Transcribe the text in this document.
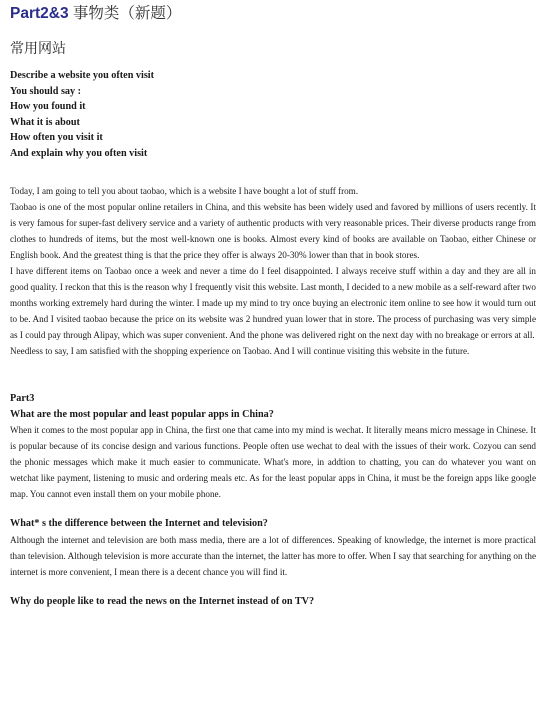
Part2&3 事物类（新题）
常用网站
Describe a website you often visit
You should say :
How you found it
What it is about
How often you visit it
And explain why you often visit

Today, I am going to tell you about taobao, which is a website I have bought a lot of stuff from.

Taobao is one of the most popular online retailers in China, and this website has been widely used and favored by millions of users recently. It is very famous for super-fast delivery service and a variety of authentic products with very reasonable prices. Their diverse products range from clothes to hundreds of items, but the most well-known one is books. Almost every kind of books are available on Taobao, either Chinese or English book. And the greatest thing is that the price they offer is always 20-30% lower than that in book stores.

I have different items on Taobao once a week and never a time do I feel disappointed. I always receive stuff within a day and they are all in good quality. I reckon that this is the reason why I frequently visit this website. Last month, I decided to a new mobile as a self-reward after two months working extremely hard during the winter. I made up my mind to try once buying an electronic item online to see how it would turn out to be. And I visited taobao because the price on its website was 2 hundred yuan lower that in store. The process of purchasing was very simple as I could pay through Alipay, which was super convenient. And the phone was delivered right on the next day with no breakage or errors at all.

Needless to say, I am satisfied with the shopping experience on Taobao. And I will continue visiting this website in the future.

Part3
What are the most popular and least popular apps in China?

When it comes to the most popular app in China, the first one that came into my mind is wechat. It literally means micro message in Chinese. It is popular because of its concise design and various functions. People often use wechat to deal with the issues of their work. Cozyou can send the phonic messages which make it much easier to communicate. What's more, in addtion to chatting, you can do whatever you want on wetchat like payment, listening to music and ordering meals etc. As for the least popular apps in China, it must be the foreign apps like google map. You cannot even install them on your mobile phone.

What* s the difference between the Internet and television?

Although the internet and television are both mass media, there are a lot of differences. Speaking of knowledge, the internet is more practical than television. Although television is more accurate than the internet, the latter has more to offer. When I say that searching for anything on the internet is more convenient, I mean there is a decent chance you will find it.

Why do people like to read the news on the Internet instead of on TV?
